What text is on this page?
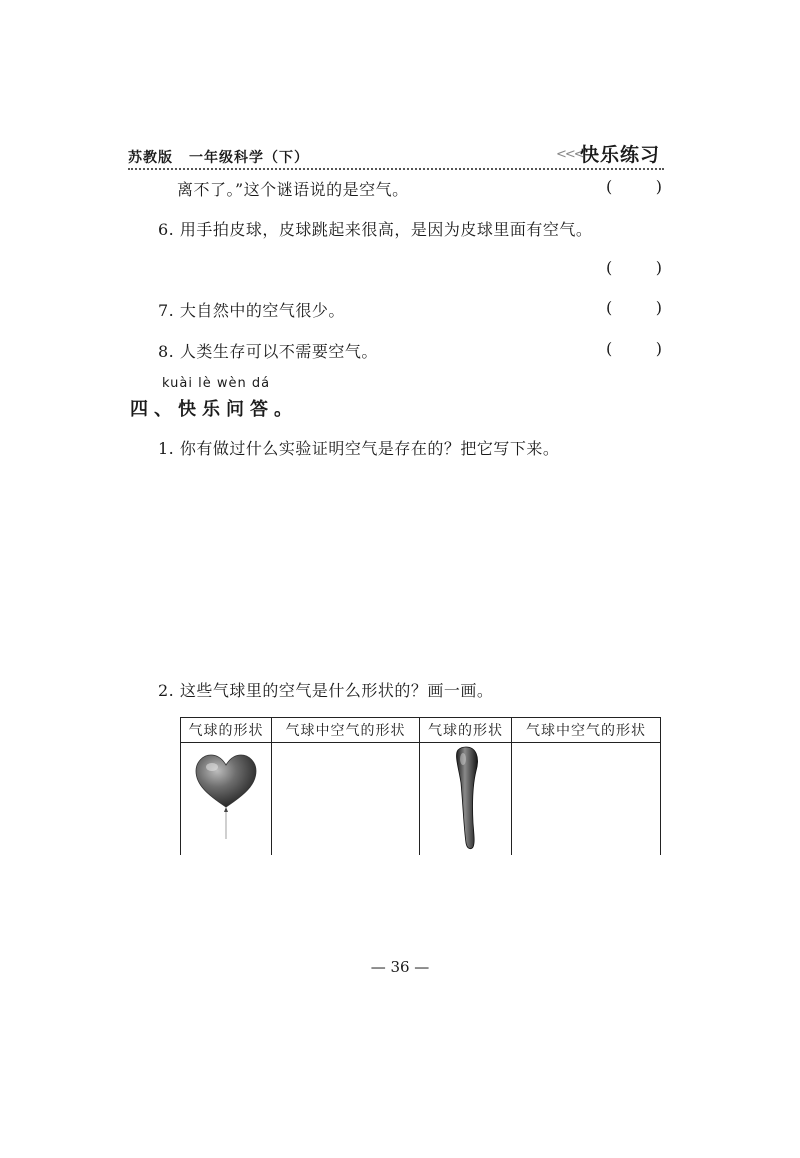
苏教版 一年级科学（下）	<<<
快乐练习
离不了。”这个谜语说的是空气。	(	)
6. 用手拍皮球，皮球跳起来很高，是因为皮球里面有空气。
(	)
7. 大自然中的空气很少。	(	)
8. 人类生存可以不需要空气。	(	)
kuài lè wèn dá
四、快乐问答。
1. 你有做过什么实验证明空气是存在的？把它写下来。
2. 这些气球里的空气是什么形状的？画一画。
气球的形状	气球中空气的形状	气球的形状	气球中空气的形状

— 36 —
